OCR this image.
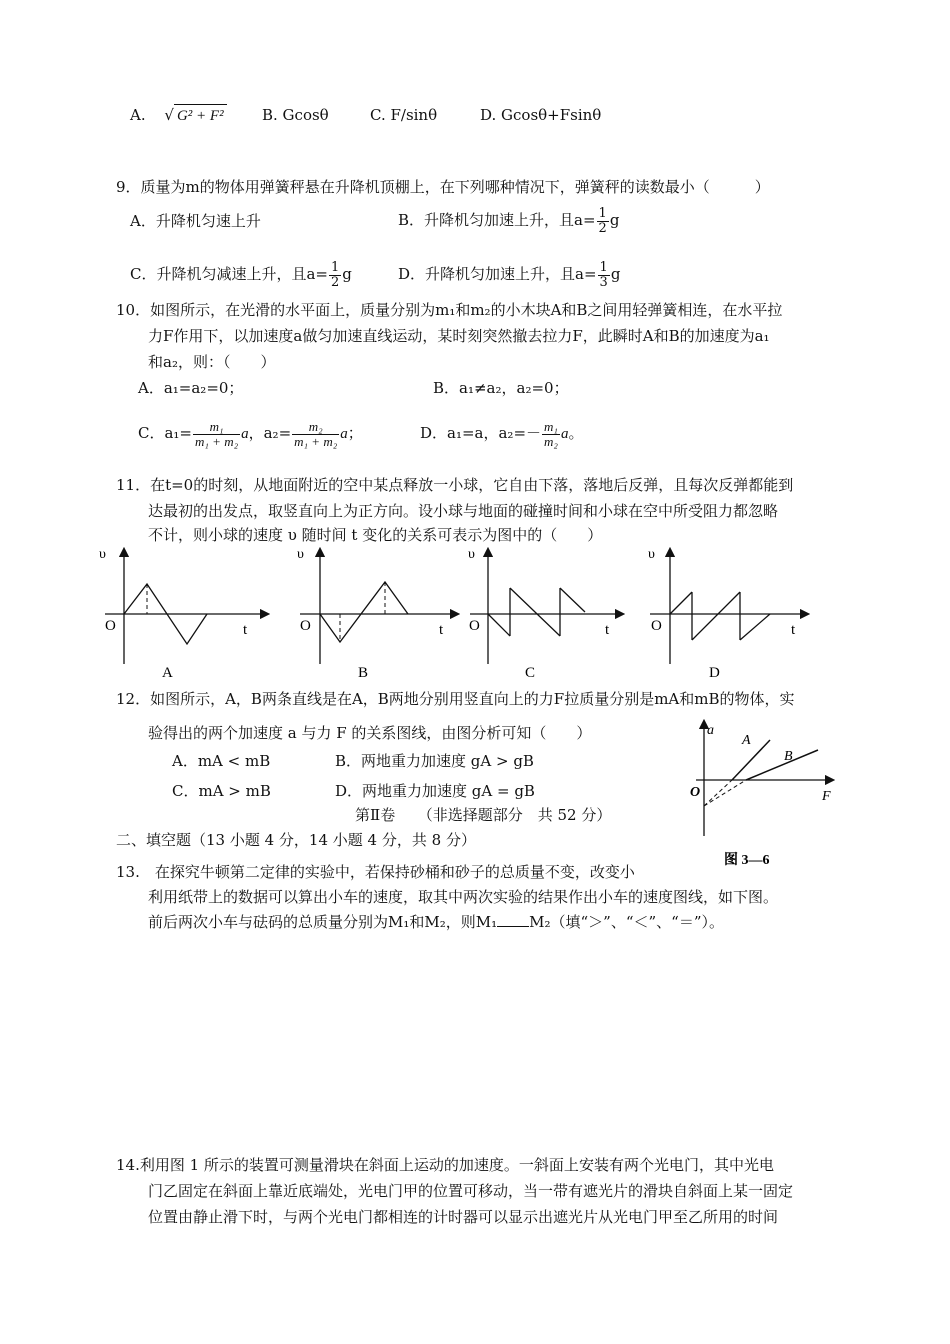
A. √ G² + F²	B. Gcosθ	C. F/sinθ	D. Gcosθ+Fsinθ
9．质量为m的物体用弹簧秤悬在升降机顶棚上，在下列哪种情况下，弹簧秤的读数最小（　　　）
A．升降机匀速上升	B．升降机匀加速上升，且$a= \frac{1}{2}$ g
C．升降机匀减速上升，且$a= \frac{1}{2}$ g	D．升降机匀加速上升，且$a= \frac{1}{3}$ g
10．如图所示，在光滑的水平面上，质量分别为m₁和m₂的小木块A和B之间用轻弹簧相连，在水平拉
力F作用下，以加速度a做匀加速直线运动，某时刻突然撤去拉力F，此瞬时A和B的加速度为a₁
和a₂，则：（　　）
A．a₁=a₂=0；	B．a₁≠a₂，a₂=0；
C．$a_1= \frac{\text{m₁}}{\text{m₁ + m₂}}$ a，$a_2= \frac{\text{m₂}}{\text{m₁ + m₂}}$ a；	D．a₁=a，$a_2=- \frac{\text{m₁}}{\text{m₂}}$ a。
11．在t=0的时刻，从地面附近的空中某点释放一小球，它自由下落，落地后反弹，且每次反弹都能到
达最初的出发点，取竖直向上为正方向。设小球与地面的碰撞时间和小球在空中所受阻力都忽略
不计，则小球的速度 υ 随时间 t 变化的关系可表示为图中的（　　）
υ
O	t
A
υ
O	t
B
υ
O	t
C
υ
O	t
D
12．如图所示，A，B两条直线是在A，B两地分别用竖直向上的力F拉质量分别是mA和mB的物体，实
验得出的两个加速度 a 与力 F 的关系图线，由图分析可知（　　）
A．mA < mB	B．两地重力加速度 gA > gB
C．mA > mB	D．两地重力加速度 gA = gB
a
O	F
A
B
图 3—6
第Ⅱ卷　　（非选择题部分　共 52 分）
二、填空题（13 小题 4 分，14 小题 4 分，共 8 分）
13.　在探究牛顿第二定律的实验中，若保持砂桶和砂子的总质量不变，改变小
利用纸带上的数据可以算出小车的速度，取其中两次实验的结果作出小车的速度图线，如下图。
前后两次小车与砝码的总质量分别为M₁和M₂，则M₁ M₂（填“＞”、“＜”、“＝”）。
14.利用图 1 所示的装置可测量滑块在斜面上运动的加速度。一斜面上安装有两个光电门，其中光电
门乙固定在斜面上靠近底端处，光电门甲的位置可移动，当一带有遮光片的滑块自斜面上某一固定
位置由静止滑下时，与两个光电门都相连的计时器可以显示出遮光片从光电门甲至乙所用的时间
